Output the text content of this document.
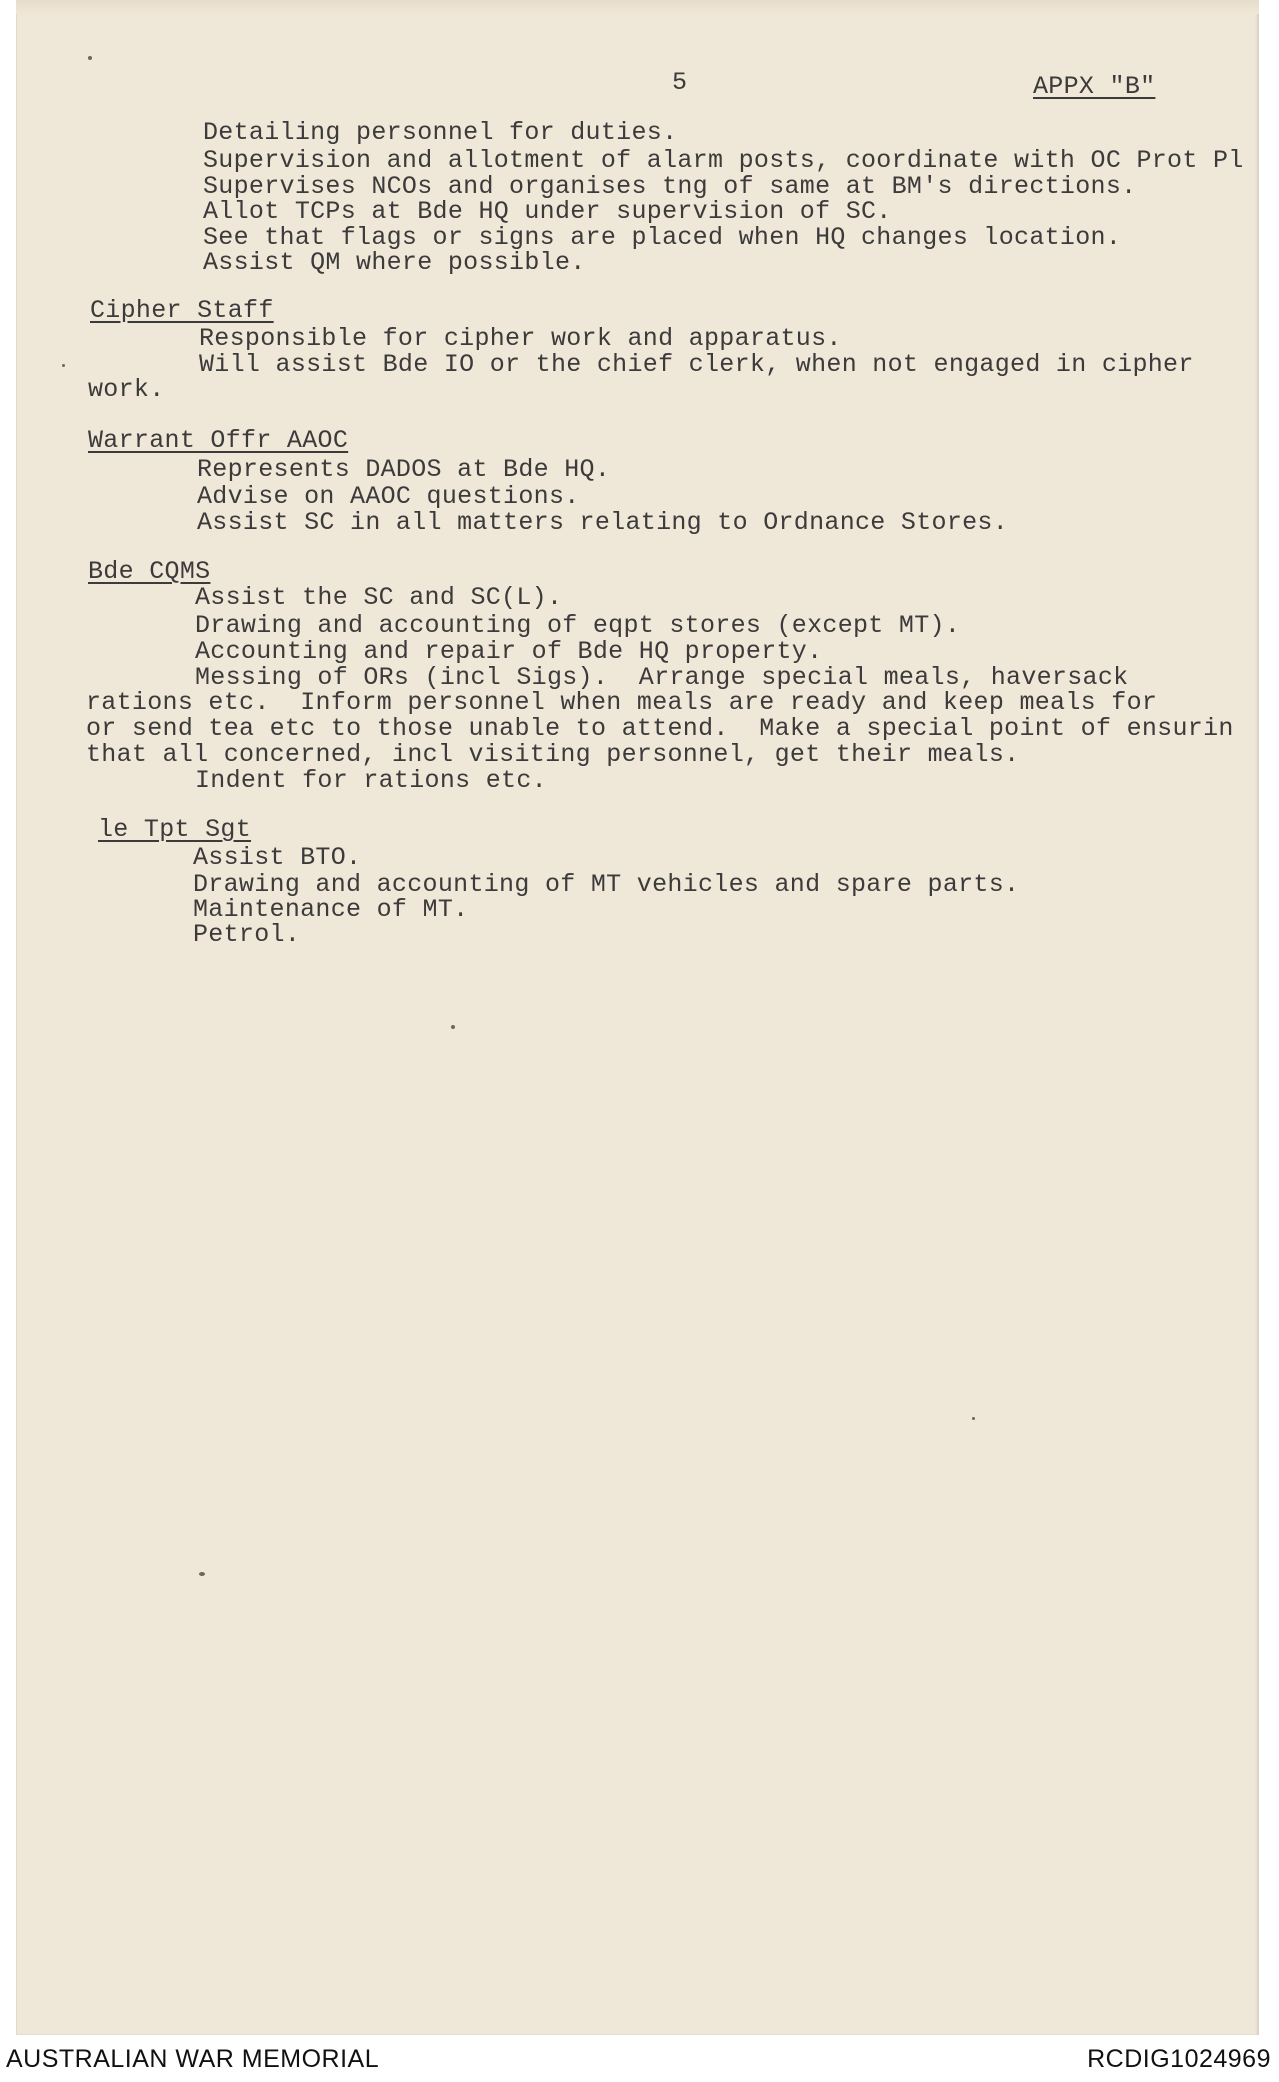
5	APPX "B"
Detailing personnel for duties.
Supervision and allotment of alarm posts, coordinate with OC Prot Pl
Supervises NCOs and organises tng of same at BM's directions.
Allot TCPs at Bde HQ under supervision of SC.
See that flags or signs are placed when HQ changes location.
Assist QM where possible.
Cipher Staff
Responsible for cipher work and apparatus.
Will assist Bde IO or the chief clerk, when not engaged in cipher
work.
Warrant Offr AAOC
Represents DADOS at Bde HQ.
Advise on AAOC questions.
Assist SC in all matters relating to Ordnance Stores.
Bde CQMS
Assist the SC and SC(L).
Drawing and accounting of eqpt stores (except MT).
Accounting and repair of Bde HQ property.
Messing of ORs (incl Sigs).  Arrange special meals, haversack
rations etc.  Inform personnel when meals are ready and keep meals for
or send tea etc to those unable to attend.  Make a special point of ensurin
that all concerned, incl visiting personnel, get their meals.
Indent for rations etc.
le Tpt Sgt
Assist BTO.
Drawing and accounting of MT vehicles and spare parts.
Maintenance of MT.
Petrol.
AUSTRALIAN WAR MEMORIAL	RCDIG1024969
